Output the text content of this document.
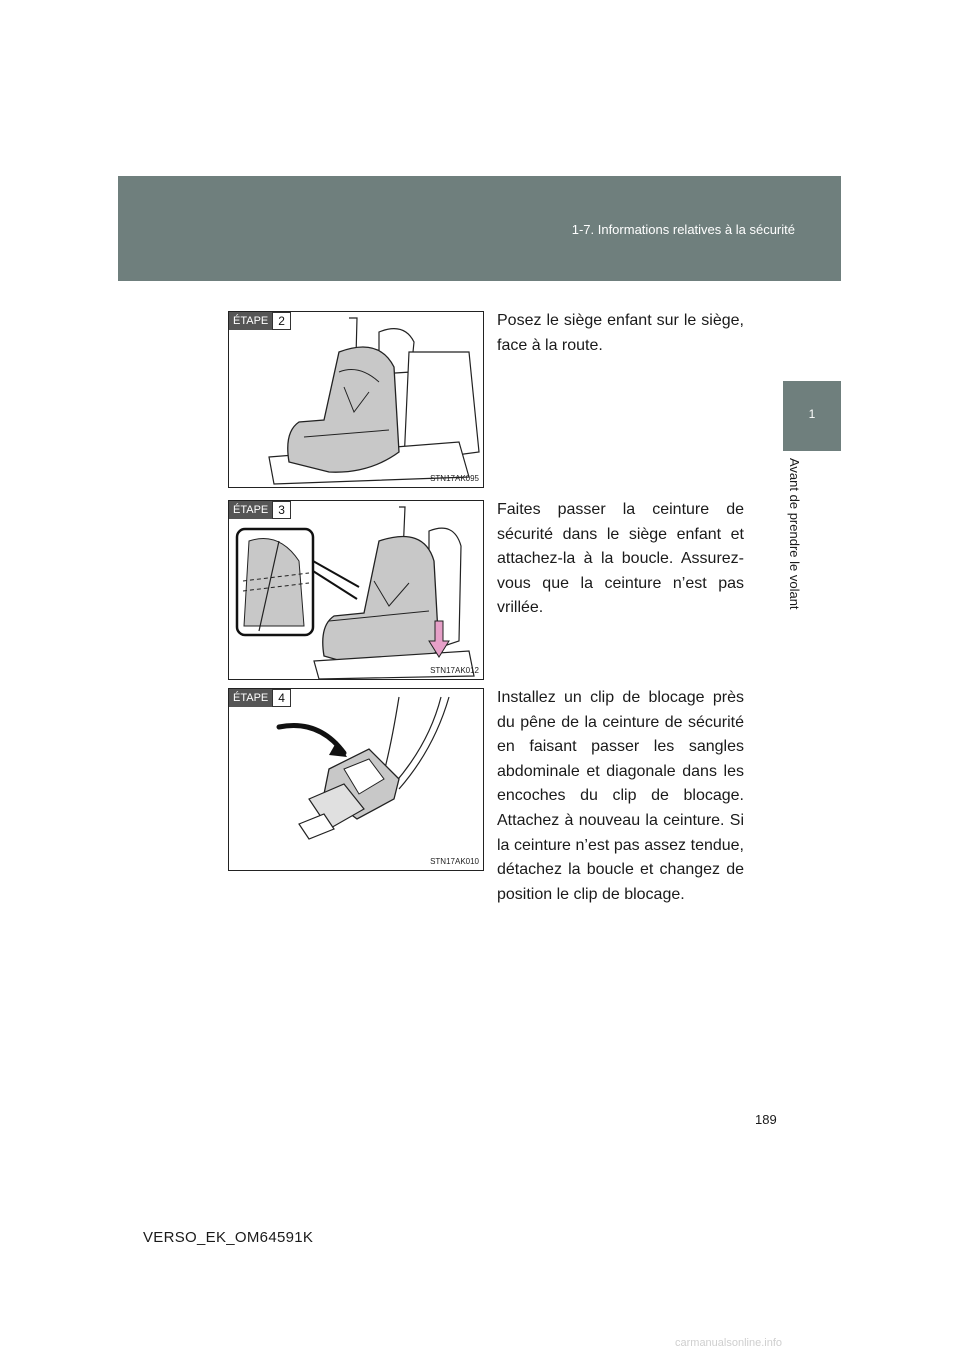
1-7. Informations relatives à la sécurité
1
Avant de prendre le volant
ÉTAPE 2
STN17AK095

Posez le siège enfant sur le siège, face à la route.

ÉTAPE 3
STN17AK012

Faites passer la ceinture de sécurité dans le siège enfant et attachez-la à la boucle. Assurez-vous que la ceinture n’est pas vrillée.

ÉTAPE 4
STN17AK010

Installez un clip de blocage près du pêne de la ceinture de sécurité en faisant passer les sangles abdominale et diagonale dans les encoches du clip de blocage. Attachez à nouveau la ceinture. Si la ceinture n’est pas assez tendue, détachez la boucle et changez de position le clip de blocage.

189
VERSO_EK_OM64591K
carmanualsonline.info
